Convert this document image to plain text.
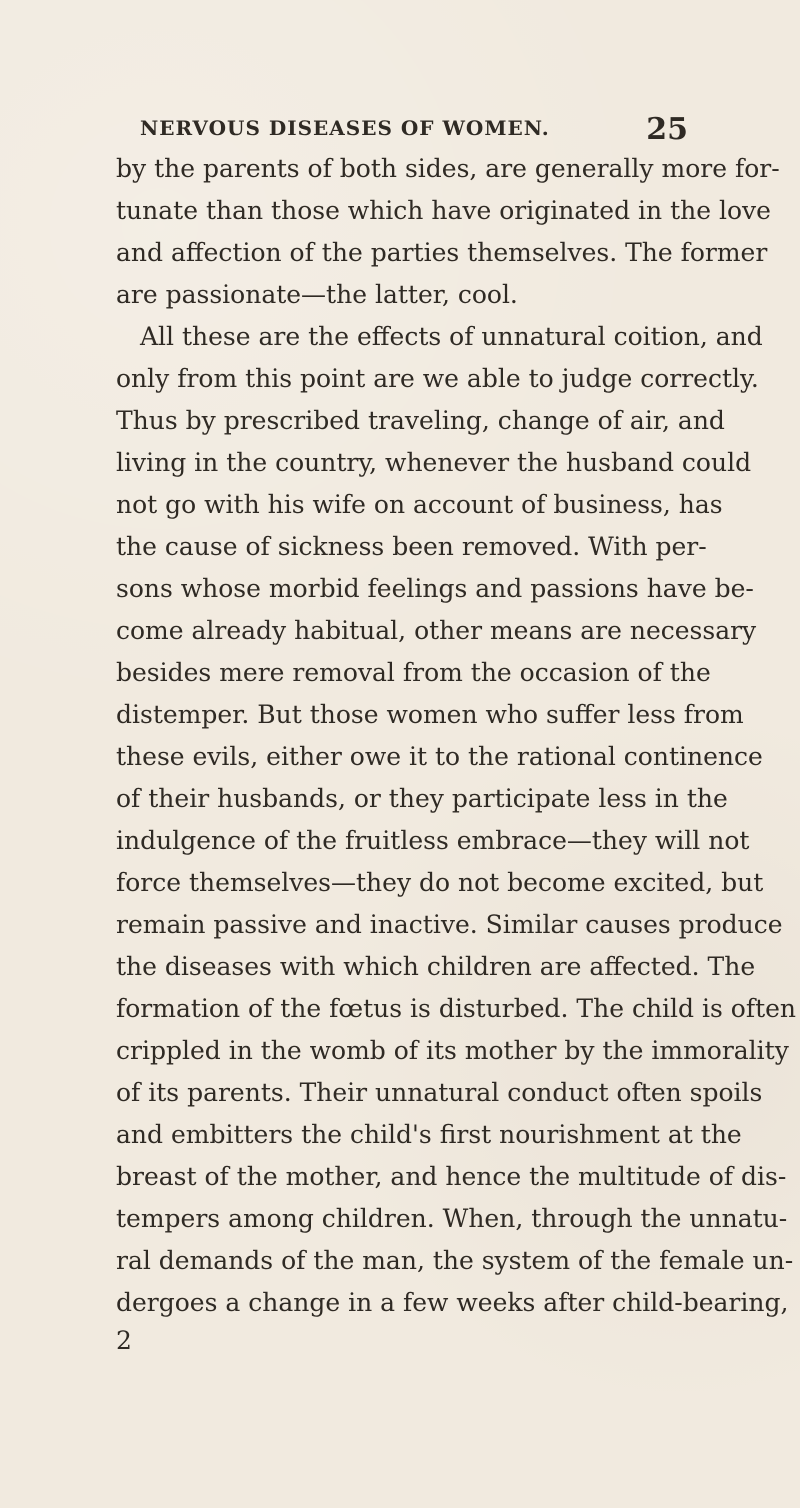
NERVOUS DISEASES OF WOMEN.	25
by the parents of both sides, are generally more for-
tunate than those which have originated in the love
and affection of the parties themselves. The former
are passionate—the latter, cool.
All these are the effects of unnatural coition, and
only from this point are we able to judge correctly.
Thus by prescribed traveling, change of air, and
living in the country, whenever the husband could
not go with his wife on account of business, has
the cause of sickness been removed. With per-
sons whose morbid feelings and passions have be-
come already habitual, other means are necessary
besides mere removal from the occasion of the
distemper. But those women who suffer less from
these evils, either owe it to the rational continence
of their husbands, or they participate less in the
indulgence of the fruitless embrace—they will not
force themselves—they do not become excited, but
remain passive and inactive. Similar causes produce
the diseases with which children are affected. The
formation of the fœtus is disturbed. The child is often
crippled in the womb of its mother by the immorality
of its parents. Their unnatural conduct often spoils
and embitters the child's first nourishment at the
breast of the mother, and hence the multitude of dis-
tempers among children. When, through the unnatu-
ral demands of the man, the system of the female un-
dergoes a change in a few weeks after child-bearing,
2
